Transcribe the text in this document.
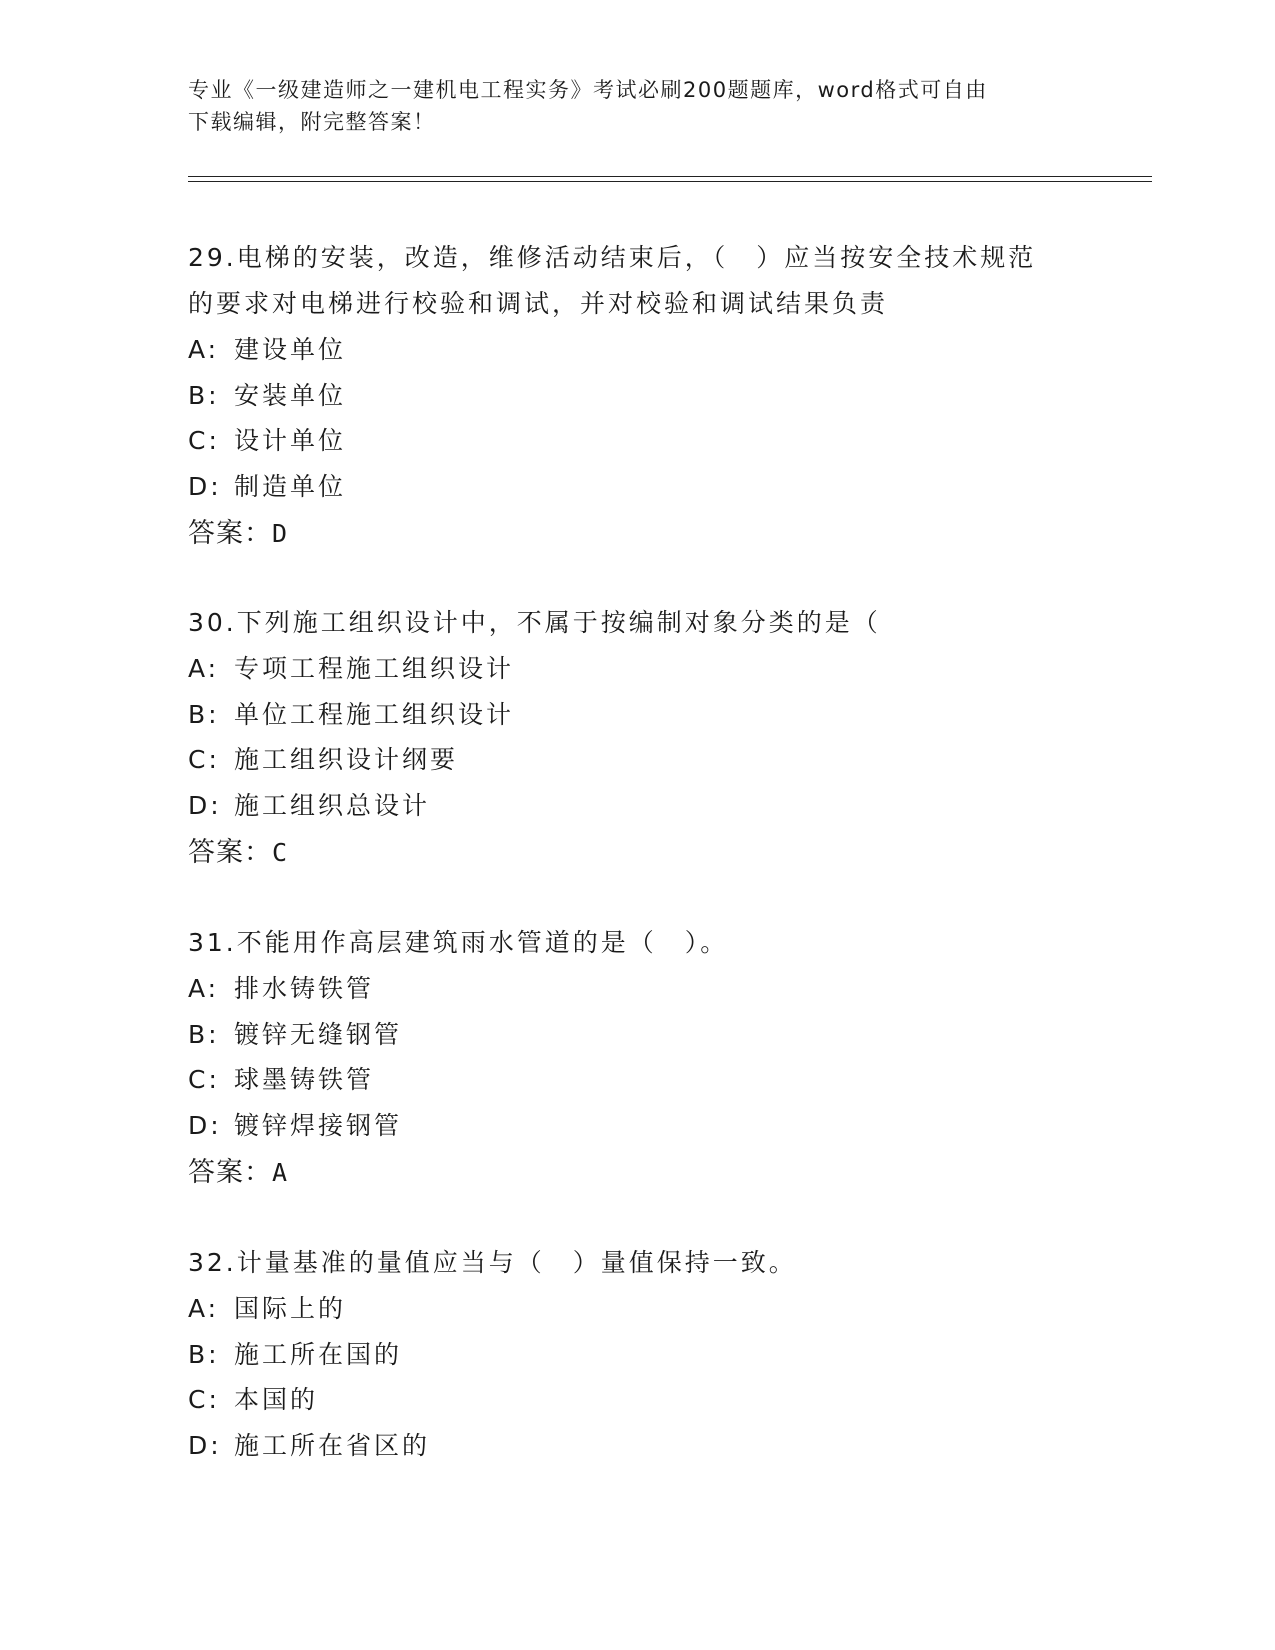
专业《一级建造师之一建机电工程实务》考试必刷200题题库，word格式可自由
下载编辑，附完整答案！
29.电梯的安装，改造，维修活动结束后，（　）应当按安全技术规范
的要求对电梯进行校验和调试，并对校验和调试结果负责
A: 建设单位
B: 安装单位
C: 设计单位
D: 制造单位
答案：D
30.下列施工组织设计中，不属于按编制对象分类的是（
A: 专项工程施工组织设计
B: 单位工程施工组织设计
C: 施工组织设计纲要
D: 施工组织总设计
答案：C
31.不能用作高层建筑雨水管道的是（　）。
A: 排水铸铁管
B: 镀锌无缝钢管
C: 球墨铸铁管
D: 镀锌焊接钢管
答案：A
32.计量基准的量值应当与（　）量值保持一致。
A: 国际上的
B: 施工所在国的
C: 本国的
D: 施工所在省区的
